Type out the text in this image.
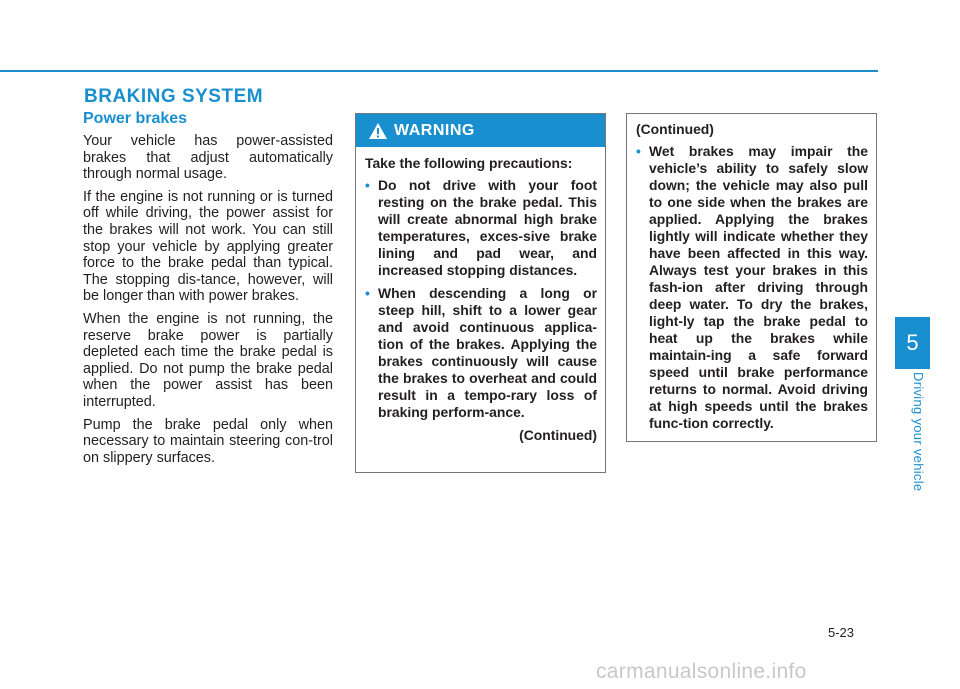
BRAKING SYSTEM
Power brakes

Your vehicle has power-assisted brakes that adjust automatically through normal usage.

If the engine is not running or is turned off while driving, the power assist for the brakes will not work. You can still stop your vehicle by applying greater force to the brake pedal than typical. The stopping dis-tance, however, will be longer than with power brakes.

When the engine is not running, the reserve brake power is partially depleted each time the brake pedal is applied. Do not pump the brake pedal when the power assist has been interrupted.

Pump the brake pedal only when necessary to maintain steering con-trol on slippery surfaces.

WARNING

Take the following precautions:

• Do not drive with your foot resting on the brake pedal. This will create abnormal high brake temperatures, exces-sive brake lining and pad wear, and increased stopping distances.
• When descending a long or steep hill, shift to a lower gear and avoid continuous applica-tion of the brakes. Applying the brakes continuously will cause the brakes to overheat and could result in a tempo-rary loss of braking perform-ance.
(Continued)

(Continued)

• Wet brakes may impair the vehicle’s ability to safely slow down; the vehicle may also pull to one side when the brakes are applied. Applying the brakes lightly will indicate whether they have been affected in this way. Always test your brakes in this fash-ion after driving through deep water. To dry the brakes, light-ly tap the brake pedal to heat up the brakes while maintain-ing a safe forward speed until brake performance returns to normal. Avoid driving at high speeds until the brakes func-tion correctly.
5
Driving your vehicle
5-23
carmanualsonline.info
